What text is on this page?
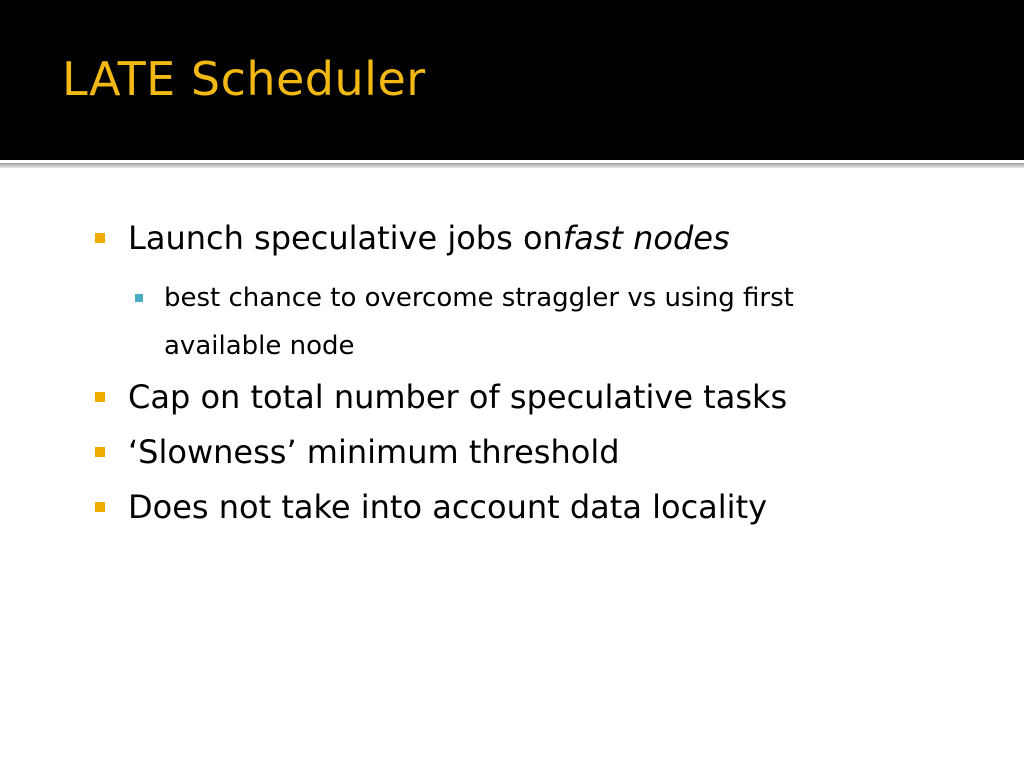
LATE Scheduler
Launch speculative jobs onfast nodes
best chance to overcome straggler vs using first
available node
Cap on total number of speculative tasks
‘Slowness’ minimum threshold
Does not take into account data locality
